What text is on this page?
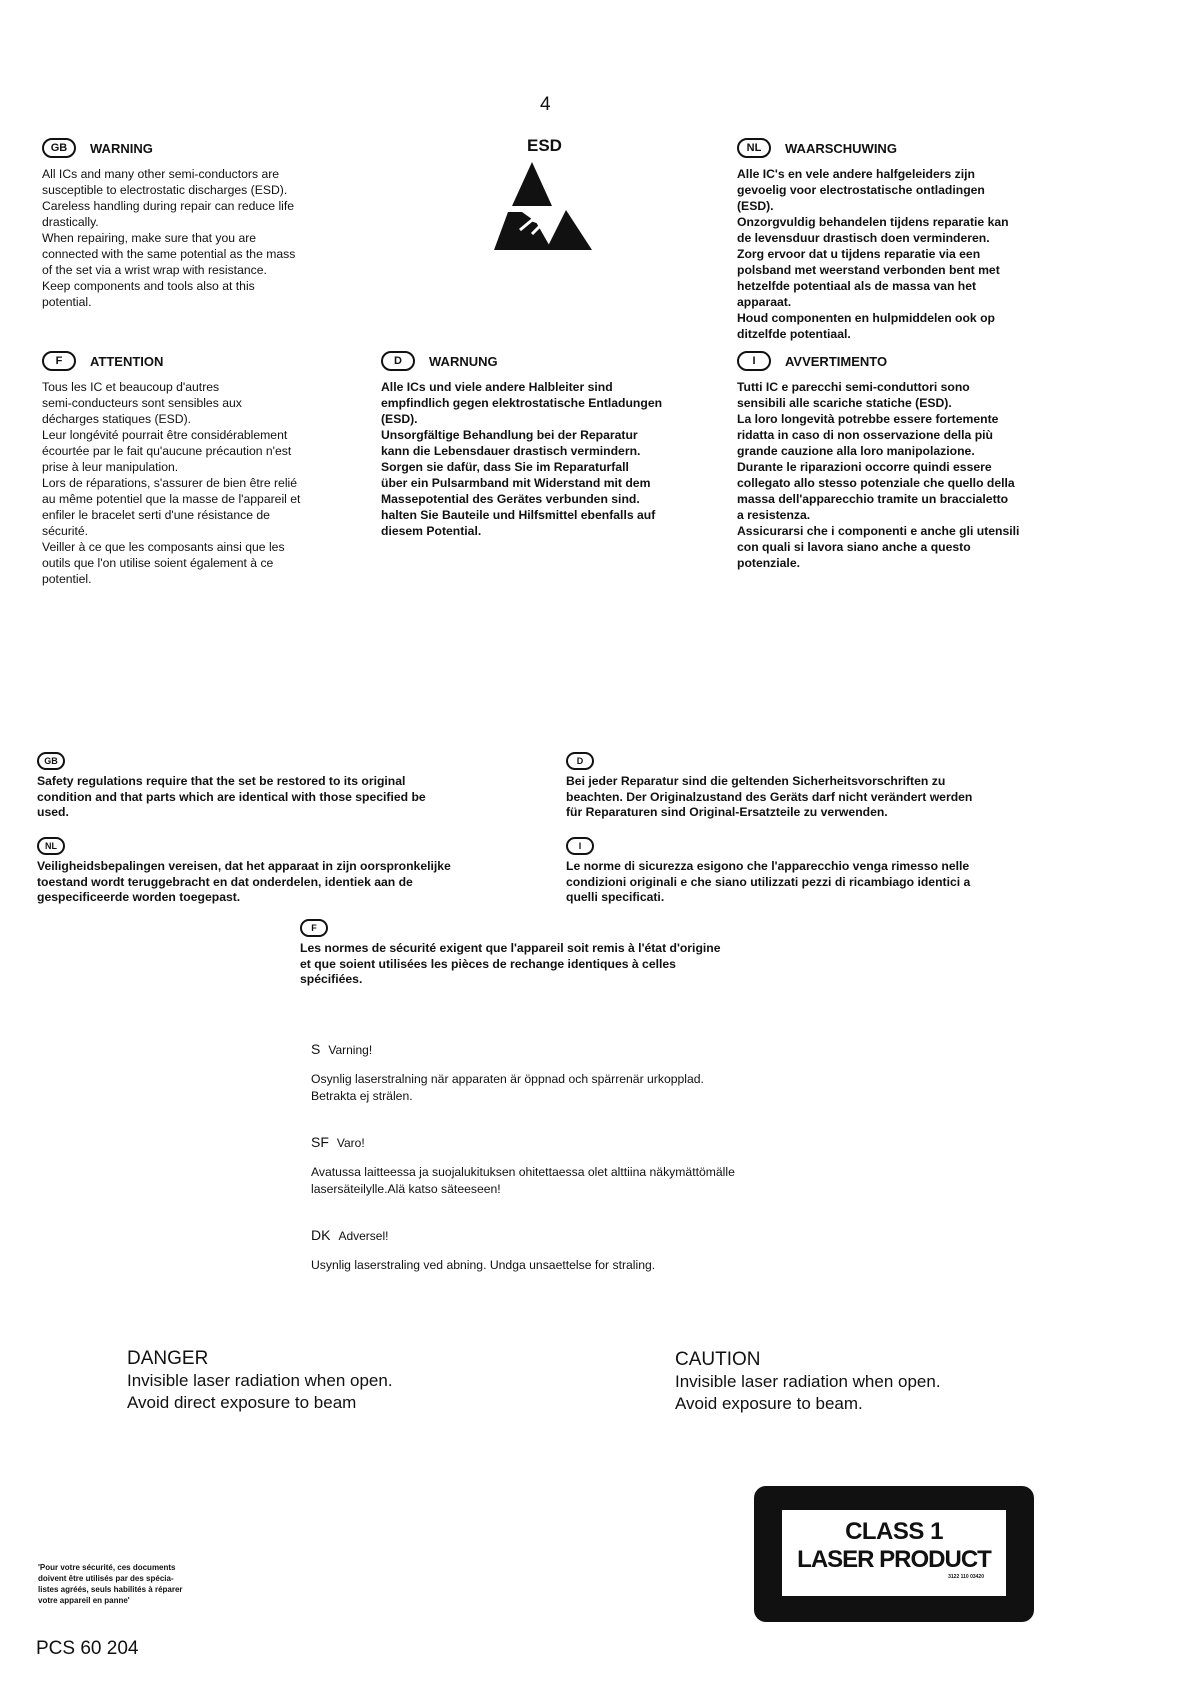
4
GB	WARNING
All ICs and many other semi-conductors are
susceptible to electrostatic discharges (ESD).
Careless handling during repair can reduce life
drastically.
When repairing, make sure that you are
connected with the same potential as the mass
of the set via a wrist wrap with resistance.
Keep components and tools also at this
potential.
ESD	NL	WAARSCHUWING
Alle IC's en vele andere halfgeleiders zijn
gevoelig voor electrostatische ontladingen
(ESD).
Onzorgvuldig behandelen tijdens reparatie kan
de levensduur drastisch doen verminderen.
Zorg ervoor dat u tijdens reparatie via een
polsband met weerstand verbonden bent met
hetzelfde potentiaal als de massa van het
apparaat.
Houd componenten en hulpmiddelen ook op
ditzelfde potentiaal.
F	ATTENTION
Tous les IC et beaucoup d'autres
semi-conducteurs sont sensibles aux
décharges statiques (ESD).
Leur longévité pourrait être considérablement
écourtée par le fait qu'aucune précaution n'est
prise à leur manipulation.
Lors de réparations, s'assurer de bien être relié
au même potentiel que la masse de l'appareil et
enfiler le bracelet serti d'une résistance de
sécurité.
Veiller à ce que les composants ainsi que les
outils que l'on utilise soient également à ce
potentiel.
D	WARNUNG
Alle ICs und viele andere Halbleiter sind
empfindlich gegen elektrostatische Entladungen
(ESD).
Unsorgfältige Behandlung bei der Reparatur
kann die Lebensdauer drastisch vermindern.
Sorgen sie dafür, dass Sie im Reparaturfall
über ein Pulsarmband mit Widerstand mit dem
Massepotential des Gerätes verbunden sind.
halten Sie Bauteile und Hilfsmittel ebenfalls auf
diesem Potential.
I	AVVERTIMENTO
Tutti IC e parecchi semi-conduttori sono
sensibili alle scariche statiche (ESD).
La loro longevità potrebbe essere fortemente
ridatta in caso di non osservazione della più
grande cauzione alla loro manipolazione.
Durante le riparazioni occorre quindi essere
collegato allo stesso potenziale che quello della
massa dell'apparecchio tramite un braccialetto
a resistenza.
Assicurarsi che i componenti e anche gli utensili
con quali si lavora siano anche a questo
potenziale.
GB
Safety regulations require that the set be restored to its original
condition and that parts which are identical with those specified be
used.
D
Bei jeder Reparatur sind die geltenden Sicherheitsvorschriften zu
beachten. Der Originalzustand des Geräts darf nicht verändert werden
für Reparaturen sind Original-Ersatzteile zu verwenden.
NL
Veiligheidsbepalingen vereisen, dat het apparaat in zijn oorspronkelijke
toestand wordt teruggebracht en dat onderdelen, identiek aan de
gespecificeerde worden toegepast.
I
Le norme di sicurezza esigono che l'apparecchio venga rimesso nelle
condizioni originali e che siano utilizzati pezzi di ricambiago identici a
quelli specificati.
F
Les normes de sécurité exigent que l'appareil soit remis à l'état d'origine
et que soient utilisées les pièces de rechange identiques à celles
spécifiées.
S Varning!
Osynlig laserstralning när apparaten är öppnad och spärrenär urkopplad.
Betrakta ej strälen.
SF Varo!
Avatussa laitteessa ja suojalukituksen ohitettaessa olet alttiina näkymättömälle
lasersäteilylle.Alä katso säteeseen!
DK Adversel!
Usynlig laserstraling ved abning. Undga unsaettelse for straling.
DANGER
Invisible laser radiation when open.
Avoid direct exposure to beam
CAUTION
Invisible laser radiation when open.
Avoid exposure to beam.
CLASS 1
LASER PRODUCT
3122 110 03420
'Pour votre sécurité, ces documents
doivent être utilisés par des spécia-
listes agréés, seuls habilités à réparer
votre appareil en panne'
PCS 60 204
